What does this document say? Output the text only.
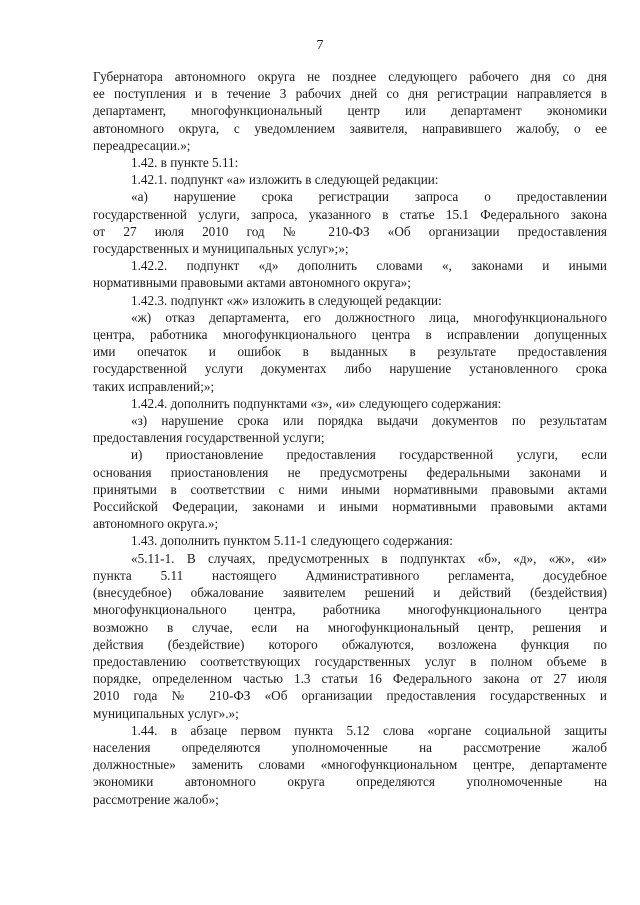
7
Губернатора автономного округа не позднее следующего рабочего дня со дня
ее поступления и в течение 3 рабочих дней со дня регистрации направляется в
департамент, многофункциональный центр или департамент экономики
автономного округа, с уведомлением заявителя, направившего жалобу, о ее
переадресации.»;
1.42. в пункте 5.11:
1.42.1. подпункт «а» изложить в следующей редакции:
«а) нарушение срока регистрации запроса о предоставлении
государственной услуги, запроса, указанного в статье 15.1 Федерального закона
от 27 июля 2010 год № 210-ФЗ «Об организации предоставления
государственных и муниципальных услуг»;»;
1.42.2. подпункт «д» дополнить словами «, законами и иными
нормативными правовыми актами автономного округа»;
1.42.3. подпункт «ж» изложить в следующей редакции:
«ж) отказ департамента, его должностного лица, многофункционального
центра, работника многофункционального центра в исправлении допущенных
ими опечаток и ошибок в выданных в результате предоставления
государственной услуги документах либо нарушение установленного срока
таких исправлений;»;
1.42.4. дополнить подпунктами «з», «и» следующего содержания:
«з) нарушение срока или порядка выдачи документов по результатам
предоставления государственной услуги;
и) приостановление предоставления государственной услуги, если
основания приостановления не предусмотрены федеральными законами и
принятыми в соответствии с ними иными нормативными правовыми актами
Российской Федерации, законами и иными нормативными правовыми актами
автономного округа.»;
1.43. дополнить пунктом 5.11-1 следующего содержания:
«5.11-1. В случаях, предусмотренных в подпунктах «б», «д», «ж», «и»
пункта 5.11 настоящего Административного регламента, досудебное
(внесудебное) обжалование заявителем решений и действий (бездействия)
многофункционального центра, работника многофункционального центра
возможно в случае, если на многофункциональный центр, решения и
действия (бездействие) которого обжалуются, возложена функция по
предоставлению соответствующих государственных услуг в полном объеме в
порядке, определенном частью 1.3 статьи 16 Федерального закона от 27 июля
2010 года № 210-ФЗ «Об организации предоставления государственных и
муниципальных услуг».»;
1.44. в абзаце первом пункта 5.12 слова «органе социальной защиты
населения определяются уполномоченные на рассмотрение жалоб
должностные» заменить словами «многофункциональном центре, департаменте
экономики автономного округа определяются уполномоченные на
рассмотрение жалоб»;
